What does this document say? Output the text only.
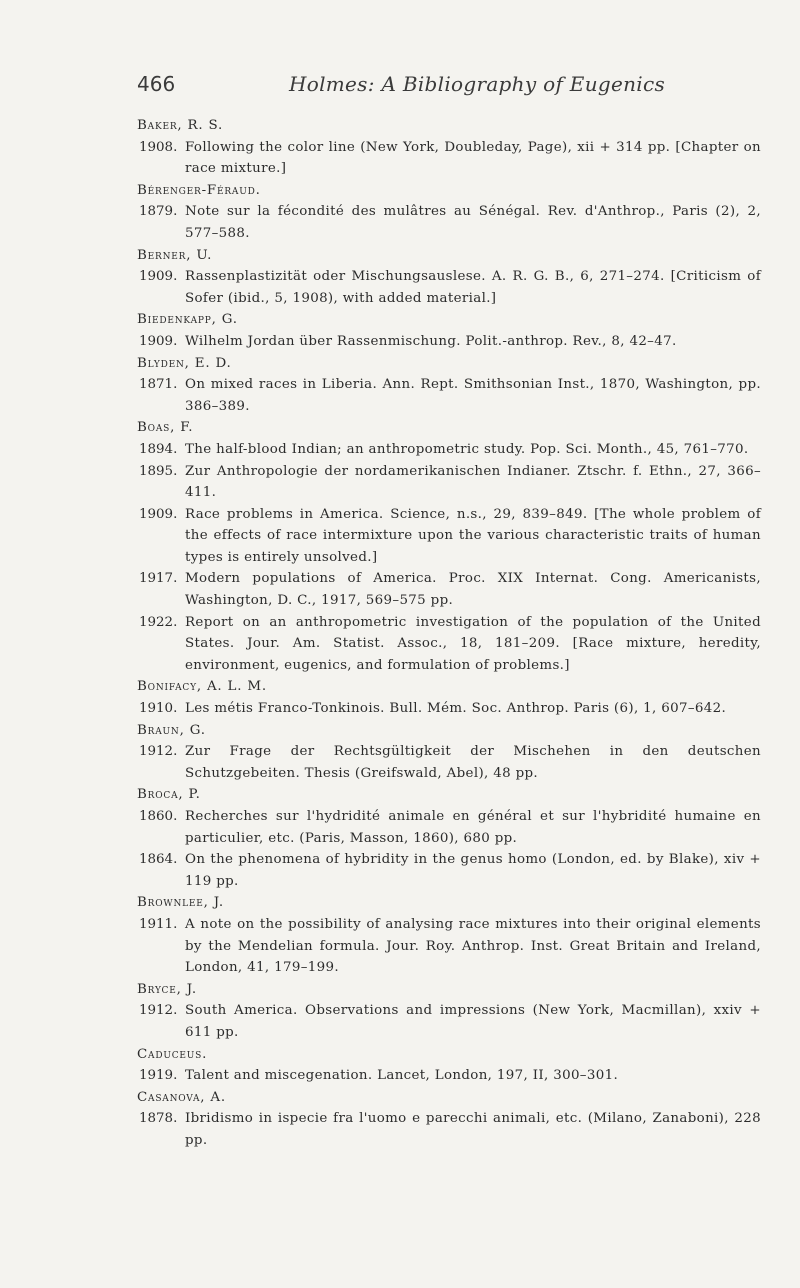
466	Holmes: A Bibliography of Eugenics
Baker, R. S.
1908. Following the color line (New York, Doubleday, Page), xii + 314 pp. [Chapter on race mixture.]
Bérenger-Féraud.
1879. Note sur la fécondité des mulâtres au Sénégal. Rev. d'Anthrop., Paris (2), 2, 577–588.
Berner, U.
1909. Rassenplastizität oder Mischungsauslese. A. R. G. B., 6, 271–274. [Criticism of Sofer (ibid., 5, 1908), with added material.]
Biedenkapp, G.
1909. Wilhelm Jordan über Rassenmischung. Polit.-anthrop. Rev., 8, 42–47.
Blyden, E. D.
1871. On mixed races in Liberia. Ann. Rept. Smithsonian Inst., 1870, Washington, pp. 386–389.
Boas, F.
1894. The half-blood Indian; an anthropometric study. Pop. Sci. Month., 45, 761–770.
1895. Zur Anthropologie der nordamerikanischen Indianer. Ztschr. f. Ethn., 27, 366–411.
1909. Race problems in America. Science, n.s., 29, 839–849. [The whole problem of the effects of race intermixture upon the various characteristic traits of human types is entirely unsolved.]
1917. Modern populations of America. Proc. XIX Internat. Cong. Americanists, Washington, D. C., 1917, 569–575 pp.
1922. Report on an anthropometric investigation of the population of the United States. Jour. Am. Statist. Assoc., 18, 181–209. [Race mixture, heredity, environment, eugenics, and formulation of problems.]
Bonifacy, A. L. M.
1910. Les métis Franco-Tonkinois. Bull. Mém. Soc. Anthrop. Paris (6), 1, 607–642.
Braun, G.
1912. Zur Frage der Rechtsgültigkeit der Mischehen in den deutschen Schutzgebeiten. Thesis (Greifswald, Abel), 48 pp.
Broca, P.
1860. Recherches sur l'hydridité animale en général et sur l'hybridité humaine en particulier, etc. (Paris, Masson, 1860), 680 pp.
1864. On the phenomena of hybridity in the genus homo (London, ed. by Blake), xiv + 119 pp.
Brownlee, J.
1911. A note on the possibility of analysing race mixtures into their original elements by the Mendelian formula. Jour. Roy. Anthrop. Inst. Great Britain and Ireland, London, 41, 179–199.
Bryce, J.
1912. South America. Observations and impressions (New York, Macmillan), xxiv + 611 pp.
Caduceus.
1919. Talent and miscegenation. Lancet, London, 197, II, 300–301.
Casanova, A.
1878. Ibridismo in ispecie fra l'uomo e parecchi animali, etc. (Milano, Zanaboni), 228 pp.
